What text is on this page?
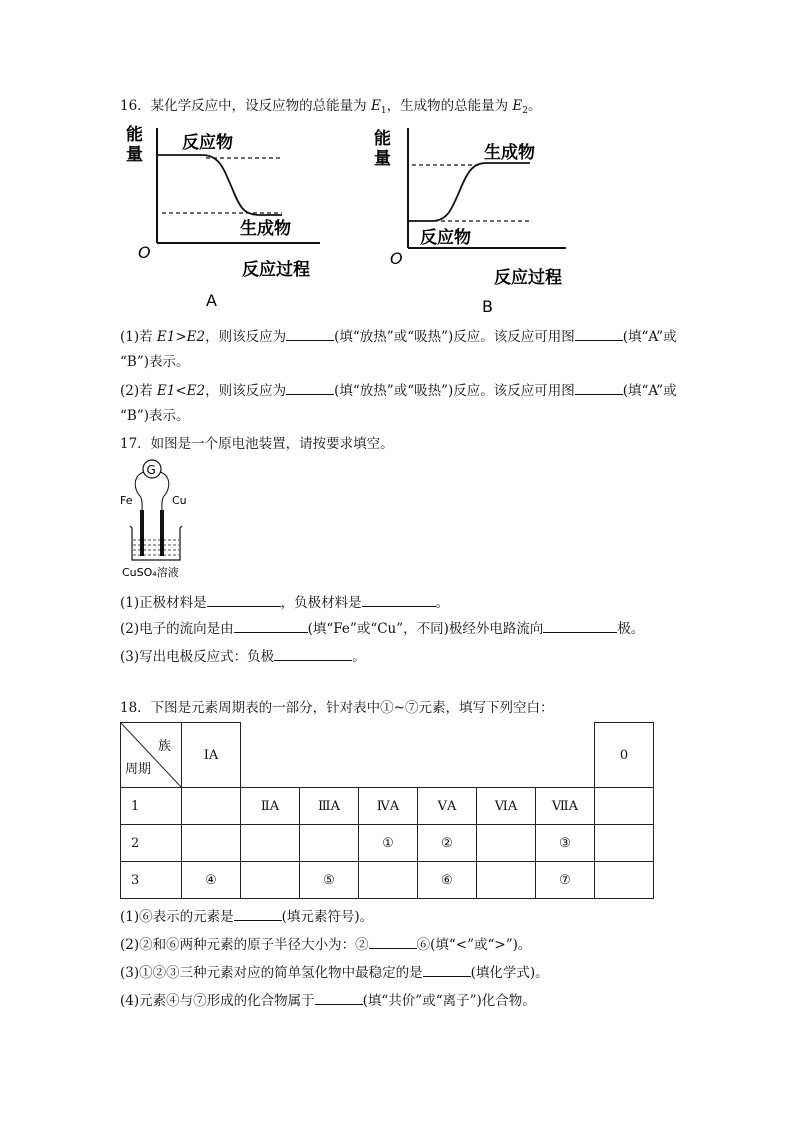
16．某化学反应中，设反应物的总能量为 $E_1$，生成物的总能量为 $E_2$。
能
量
反应物
生成物
O
反应过程
A
能
量	生成物
反应物
O
反应过程
B
(1)若 E1>E2，则该反应为	(填“放热”或“吸热”)反应。该反应可用图	(填“A”或
“B”)表示。
(2)若 E1<E2，则该反应为	(填“放热”或“吸热”)反应。该反应可用图	(填“A”或
“B”)表示。
17．如图是一个原电池装置，请按要求填空。
G
Fe	Cu
CuSO₄溶液
(1)正极材料是	，负极材料是	。
(2)电子的流向是由	(填“Fe”或“Cu”，不同)极经外电路流向	极。
(3)写出电极反应式：负极	。
18．下图是元素周期表的一部分，针对表中①~⑦元素，填写下列空白：
族
周期	ⅠA							0
1		ⅡA	ⅢA	ⅣA	ⅤA	ⅥA	ⅦA	
2				①	②		③	
3	④		⑤		⑥		⑦	
(1)⑥表示的元素是	(填元素符号)。
(2)②和⑥两种元素的原子半径大小为：②	⑥(填“<”或“>”)。
(3)①②③三种元素对应的简单氢化物中最稳定的是	(填化学式)。
(4)元素④与⑦形成的化合物属于	(填“共价”或“离子”)化合物。
